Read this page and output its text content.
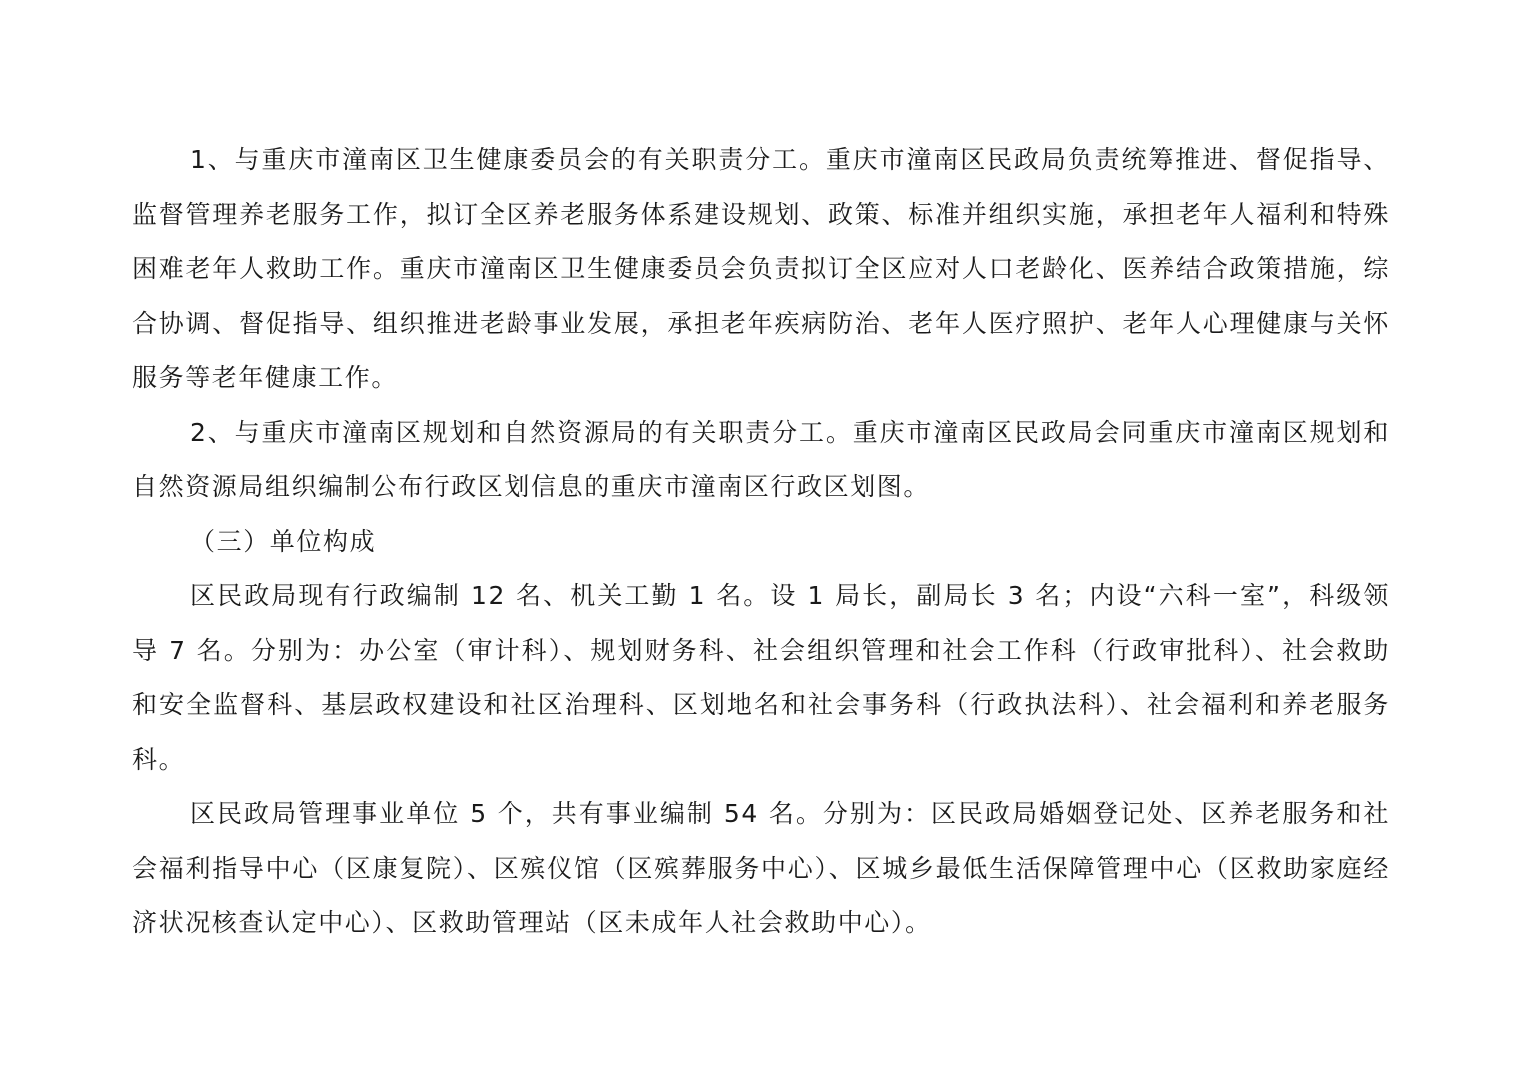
1、与重庆市潼南区卫生健康委员会的有关职责分工。重庆市潼南区民政局负责统筹推进、督促指导、监督管理养老服务工作，拟订全区养老服务体系建设规划、政策、标准并组织实施，承担老年人福利和特殊困难老年人救助工作。重庆市潼南区卫生健康委员会负责拟订全区应对人口老龄化、医养结合政策措施，综合协调、督促指导、组织推进老龄事业发展，承担老年疾病防治、老年人医疗照护、老年人心理健康与关怀服务等老年健康工作。

2、与重庆市潼南区规划和自然资源局的有关职责分工。重庆市潼南区民政局会同重庆市潼南区规划和自然资源局组织编制公布行政区划信息的重庆市潼南区行政区划图。

（三）单位构成

区民政局现有行政编制 12 名、机关工勤 1 名。设 1 局长，副局长 3 名；内设“六科一室”，科级领导 7 名。分别为：办公室（审计科）、规划财务科、社会组织管理和社会工作科（行政审批科）、社会救助和安全监督科、基层政权建设和社区治理科、区划地名和社会事务科（行政执法科）、社会福利和养老服务科。

区民政局管理事业单位 5 个，共有事业编制 54 名。分别为：区民政局婚姻登记处、区养老服务和社会福利指导中心（区康复院）、区殡仪馆（区殡葬服务中心）、区城乡最低生活保障管理中心（区救助家庭经济状况核查认定中心）、区救助管理站（区未成年人社会救助中心）。
